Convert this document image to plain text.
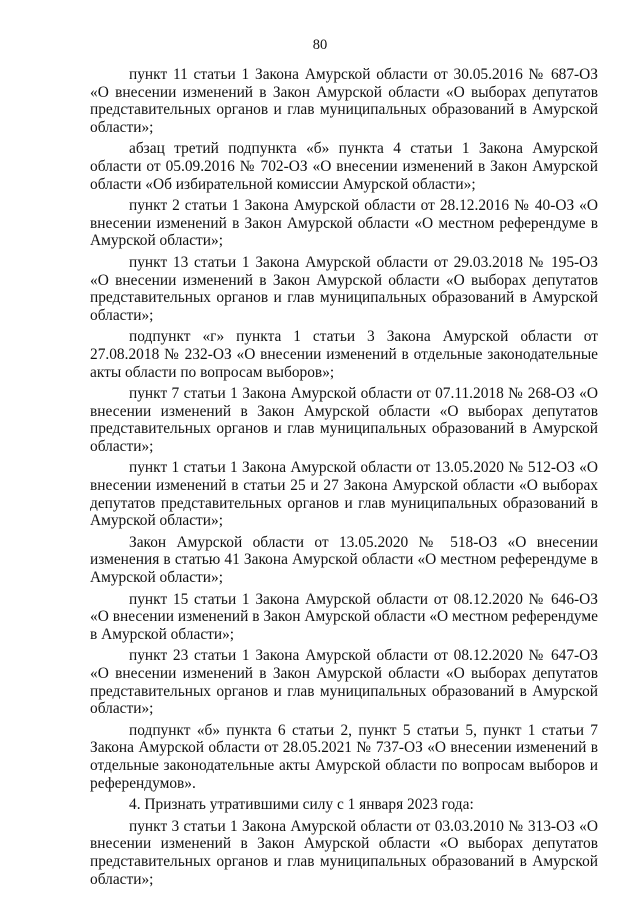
80

пункт 11 статьи 1 Закона Амурской области от 30.05.2016 № 687-ОЗ «О внесении изменений в Закон Амурской области «О выборах депутатов представительных органов и глав муниципальных образований в Амурской области»;

абзац третий подпункта «б» пункта 4 статьи 1 Закона Амурской области от 05.09.2016 № 702-ОЗ «О внесении изменений в Закон Амурской области «Об избирательной комиссии Амурской области»;

пункт 2 статьи 1 Закона Амурской области от 28.12.2016 № 40-ОЗ «О внесении изменений в Закон Амурской области «О местном референдуме в Амурской области»;

пункт 13 статьи 1 Закона Амурской области от 29.03.2018 № 195-ОЗ «О внесении изменений в Закон Амурской области «О выборах депутатов представительных органов и глав муниципальных образований в Амурской области»;

подпункт «г» пункта 1 статьи 3 Закона Амурской области от 27.08.2018 № 232-ОЗ «О внесении изменений в отдельные законодательные акты области по вопросам выборов»;

пункт 7 статьи 1 Закона Амурской области от 07.11.2018 № 268-ОЗ «О внесении изменений в Закон Амурской области «О выборах депутатов представительных органов и глав муниципальных образований в Амурской области»;

пункт 1 статьи 1 Закона Амурской области от 13.05.2020 № 512-ОЗ «О внесении изменений в статьи 25 и 27 Закона Амурской области «О выборах депутатов представительных органов и глав муниципальных образований в Амурской области»;

Закон Амурской области от 13.05.2020 № 518-ОЗ «О внесении изменения в статью 41 Закона Амурской области «О местном референдуме в Амурской области»;

пункт 15 статьи 1 Закона Амурской области от 08.12.2020 № 646-ОЗ «О внесении изменений в Закон Амурской области «О местном референдуме в Амурской области»;

пункт 23 статьи 1 Закона Амурской области от 08.12.2020 № 647-ОЗ «О внесении изменений в Закон Амурской области «О выборах депутатов представительных органов и глав муниципальных образований в Амурской области»;

подпункт «б» пункта 6 статьи 2, пункт 5 статьи 5, пункт 1 статьи 7 Закона Амурской области от 28.05.2021 № 737-ОЗ «О внесении изменений в отдельные законодательные акты Амурской области по вопросам выборов и референдумов».

4. Признать утратившими силу с 1 января 2023 года:

пункт 3 статьи 1 Закона Амурской области от 03.03.2010 № 313-ОЗ «О внесении изменений в Закон Амурской области «О выборах депутатов представительных органов и глав муниципальных образований в Амурской области»;
